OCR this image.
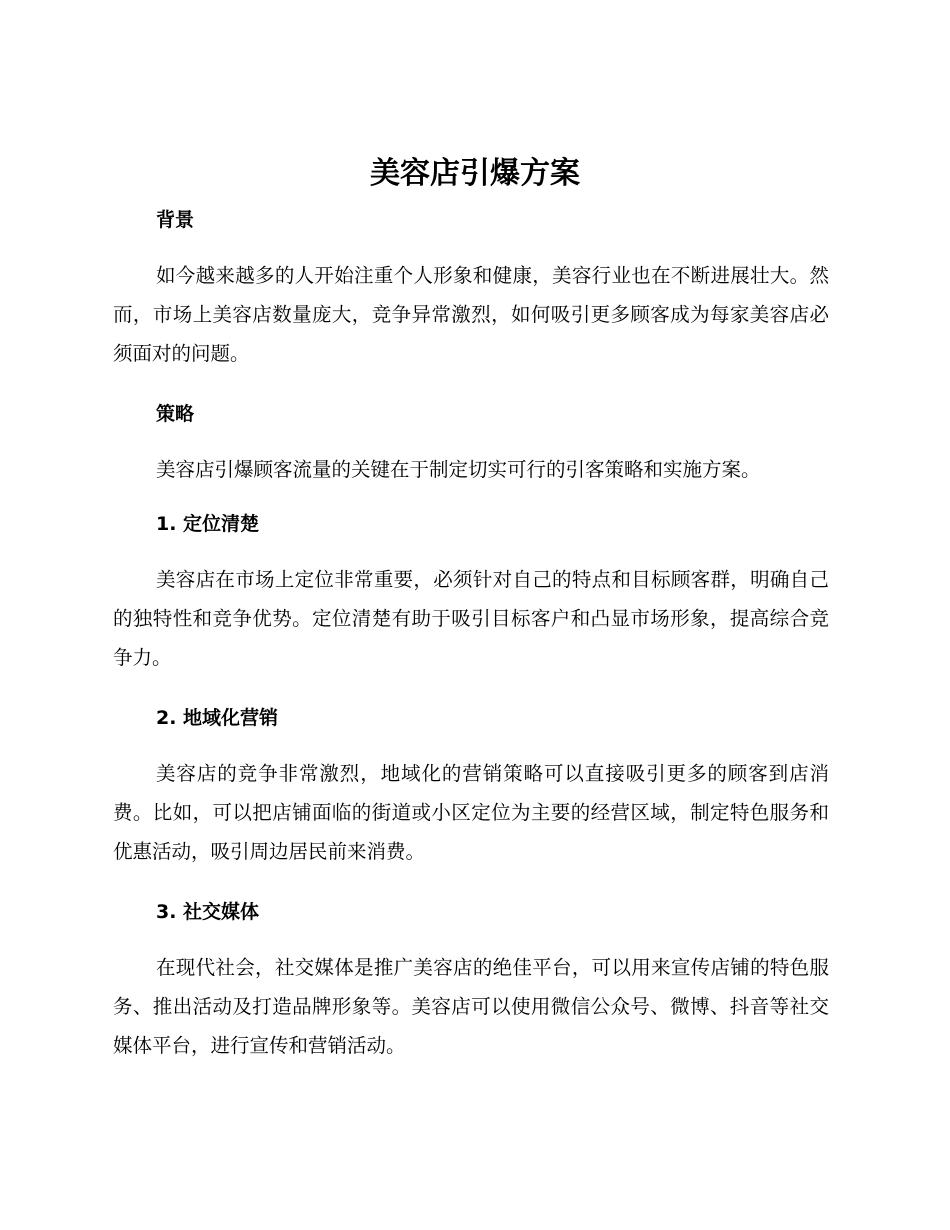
美容店引爆方案
背景

如今越来越多的人开始注重个人形象和健康，美容行业也在不断进展壮大。然而，市场上美容店数量庞大，竞争异常激烈，如何吸引更多顾客成为每家美容店必须面对的问题。

策略

美容店引爆顾客流量的关键在于制定切实可行的引客策略和实施方案。

1. 定位清楚

美容店在市场上定位非常重要，必须针对自己的特点和目标顾客群，明确自己的独特性和竞争优势。定位清楚有助于吸引目标客户和凸显市场形象，提高综合竞争力。

2. 地域化营销

美容店的竞争非常激烈，地域化的营销策略可以直接吸引更多的顾客到店消费。比如，可以把店铺面临的街道或小区定位为主要的经营区域，制定特色服务和优惠活动，吸引周边居民前来消费。

3. 社交媒体

在现代社会，社交媒体是推广美容店的绝佳平台，可以用来宣传店铺的特色服务、推出活动及打造品牌形象等。美容店可以使用微信公众号、微博、抖音等社交媒体平台，进行宣传和营销活动。
